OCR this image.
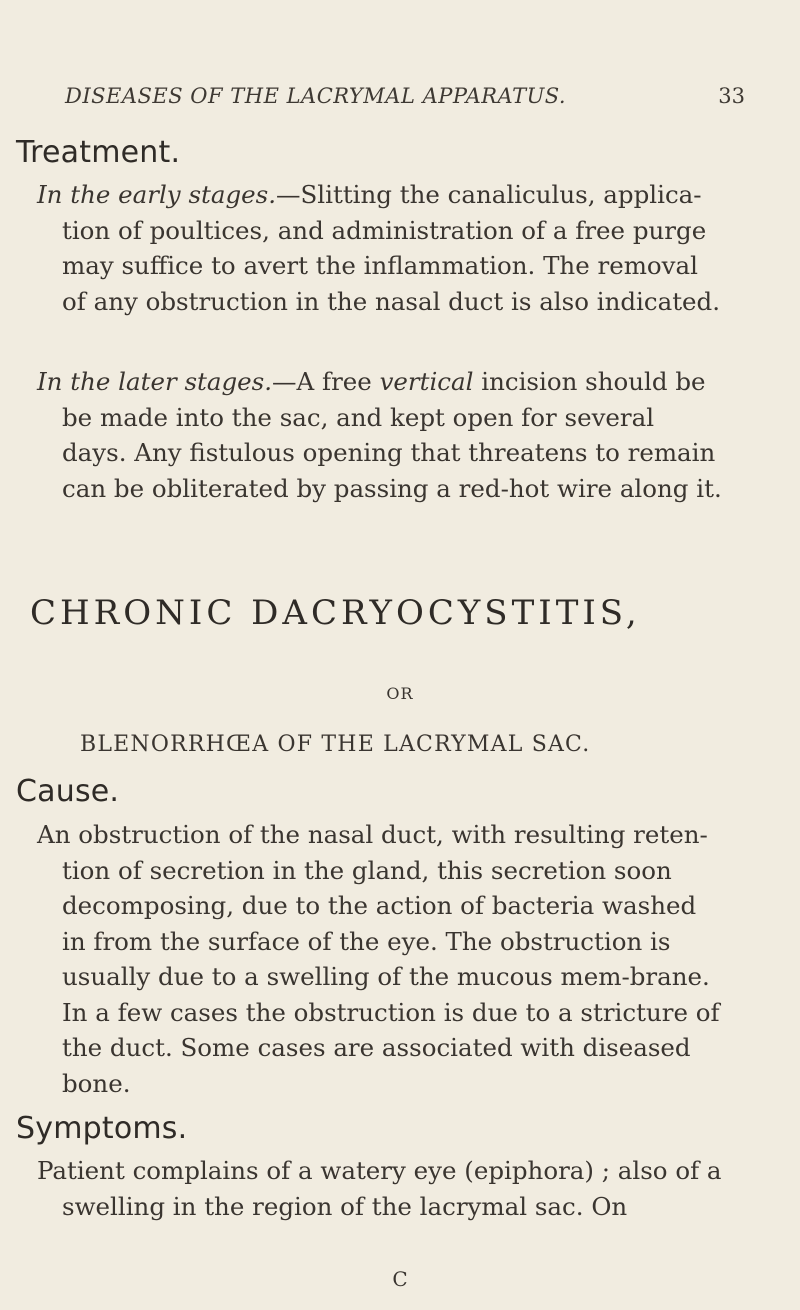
DISEASES OF THE LACRYMAL APPARATUS.	33
Treatment.

In the early stages.—Slitting the canaliculus, applica-tion of poultices, and administration of a free purge may suffice to avert the inflammation. The removal of any obstruction in the nasal duct is also indicated.

In the later stages.—A free vertical incision should be be made into the sac, and kept open for several days. Any fistulous opening that threatens to remain can be obliterated by passing a red-hot wire along it.

CHRONIC DACRYOCYSTITIS,
OR
BLENORRHŒA OF THE LACRYMAL SAC.
Cause.

An obstruction of the nasal duct, with resulting reten-tion of secretion in the gland, this secretion soon decomposing, due to the action of bacteria washed in from the surface of the eye. The obstruction is usually due to a swelling of the mucous mem-brane. In a few cases the obstruction is due to a stricture of the duct. Some cases are associated with diseased bone.

Symptoms.

Patient complains of a watery eye (epiphora) ; also of a swelling in the region of the lacrymal sac. On

C
